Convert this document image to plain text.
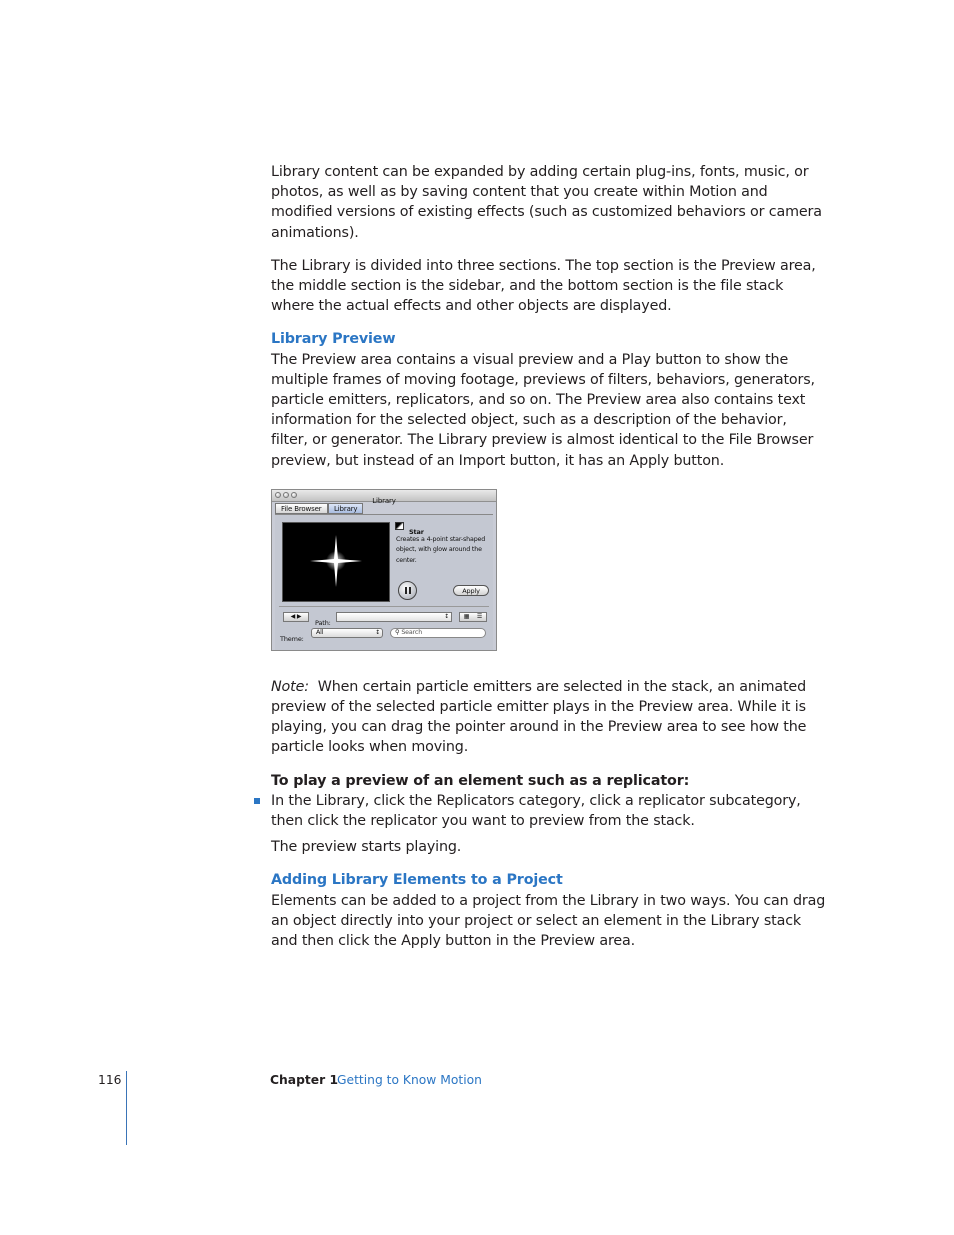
Library content can be expanded by adding certain plug-ins, fonts, music, or photos, as well as by saving content that you create within Motion and modified versions of existing effects (such as customized behaviors or camera animations).

The Library is divided into three sections. The top section is the Preview area, the middle section is the sidebar, and the bottom section is the file stack where the actual effects and other objects are displayed.

Library Preview

The Preview area contains a visual preview and a Play button to show the multiple frames of moving footage, previews of filters, behaviors, generators, particle emitters, replicators, and so on. The Preview area also contains text information for the selected object, such as a description of the behavior, filter, or generator. The Library preview is almost identical to the File Browser preview, but instead of an Import button, it has an Apply button.

Library
File Browser	Library
Star
Creates a 4-point star-shaped object, with glow around the center.
Apply
◀ ▶
Path:
↕	▦ ☰
Theme:
All	↕	⚲ Search

Note: When certain particle emitters are selected in the stack, an animated preview of the selected particle emitter plays in the Preview area. While it is playing, you can drag the pointer around in the Preview area to see how the particle looks when moving.

To play a preview of an element such as a replicator:

In the Library, click the Replicators category, click a replicator subcategory, then click the replicator you want to preview from the stack.

The preview starts playing.

Adding Library Elements to a Project

Elements can be added to a project from the Library in two ways. You can drag an object directly into your project or select an element in the Library stack and then click the Apply button in the Preview area.

116	Chapter 1 Getting to Know Motion
